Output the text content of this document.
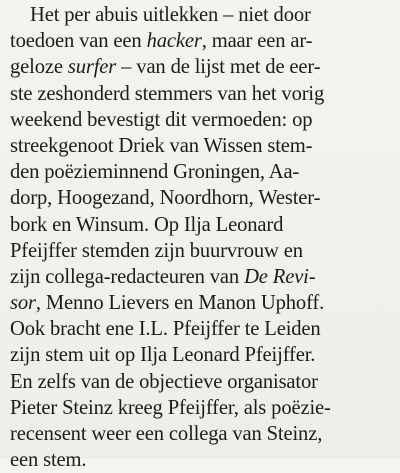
Het per abuis uitlekken – niet door
toedoen van een hacker, maar een ar-
geloze surfer – van de lijst met de eer-
ste zeshonderd stemmers van het vorig
weekend bevestigt dit vermoeden: op
streekgenoot Driek van Wissen stem-
den poëzieminnend Groningen, Aa-
dorp, Hoogezand, Noordhorn, Wester-
bork en Winsum. Op Ilja Leonard
Pfeijffer stemden zijn buurvrouw en
zijn collega-redacteuren van De Revi-
sor, Menno Lievers en Manon Uphoff.
Ook bracht ene I.L. Pfeijffer te Leiden
zijn stem uit op Ilja Leonard Pfeijffer.
En zelfs van de objectieve organisator
Pieter Steinz kreeg Pfeijffer, als poëzie-
recensent weer een collega van Steinz,
een stem.
